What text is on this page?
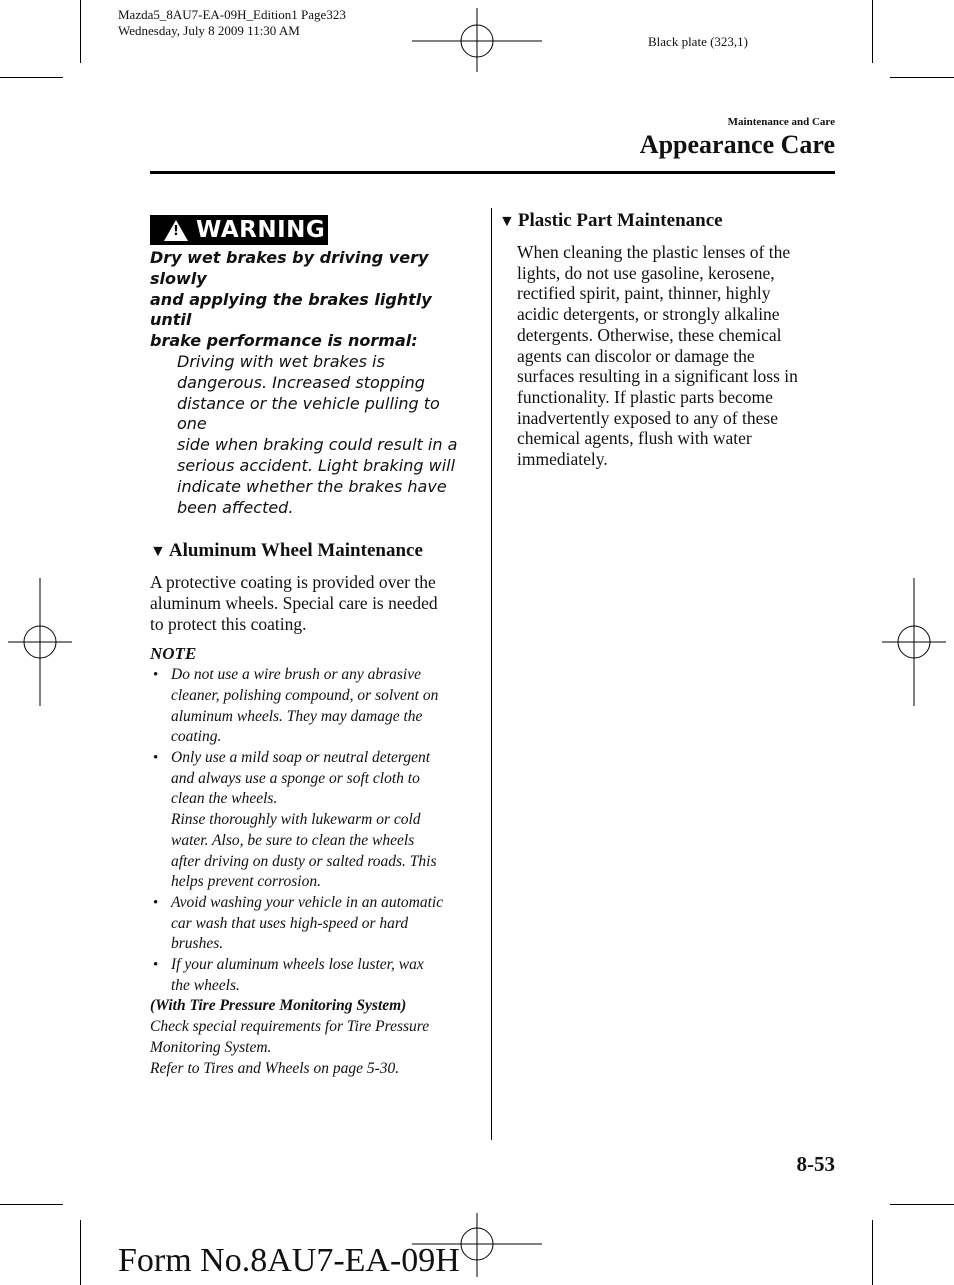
Mazda5_8AU7-EA-09H_Edition1 Page323
Wednesday, July 8 2009 11:30 AM
Black plate (323,1)
Maintenance and Care
Appearance Care
! WARNING
Dry wet brakes by driving very slowly
and applying the brakes lightly until
brake performance is normal:
Driving with wet brakes is
dangerous. Increased stopping
distance or the vehicle pulling to one
side when braking could result in a
serious accident. Light braking will
indicate whether the brakes have
been affected.
▼ Aluminum Wheel Maintenance
A protective coating is provided over the
aluminum wheels. Special care is needed
to protect this coating.
NOTE
• Do not use a wire brush or any abrasive
cleaner, polishing compound, or solvent on
aluminum wheels. They may damage the
coating.
• Only use a mild soap or neutral detergent
and always use a sponge or soft cloth to
clean the wheels.
Rinse thoroughly with lukewarm or cold
water. Also, be sure to clean the wheels
after driving on dusty or salted roads. This
helps prevent corrosion.
• Avoid washing your vehicle in an automatic
car wash that uses high-speed or hard
brushes.
• If your aluminum wheels lose luster, wax
the wheels.
(With Tire Pressure Monitoring System)
Check special requirements for Tire Pressure
Monitoring System.
Refer to Tires and Wheels on page 5-30.
▼ Plastic Part Maintenance
When cleaning the plastic lenses of the
lights, do not use gasoline, kerosene,
rectified spirit, paint, thinner, highly
acidic detergents, or strongly alkaline
detergents. Otherwise, these chemical
agents can discolor or damage the
surfaces resulting in a significant loss in
functionality. If plastic parts become
inadvertently exposed to any of these
chemical agents, flush with water
immediately.
8-53
Form No.8AU7-EA-09H
